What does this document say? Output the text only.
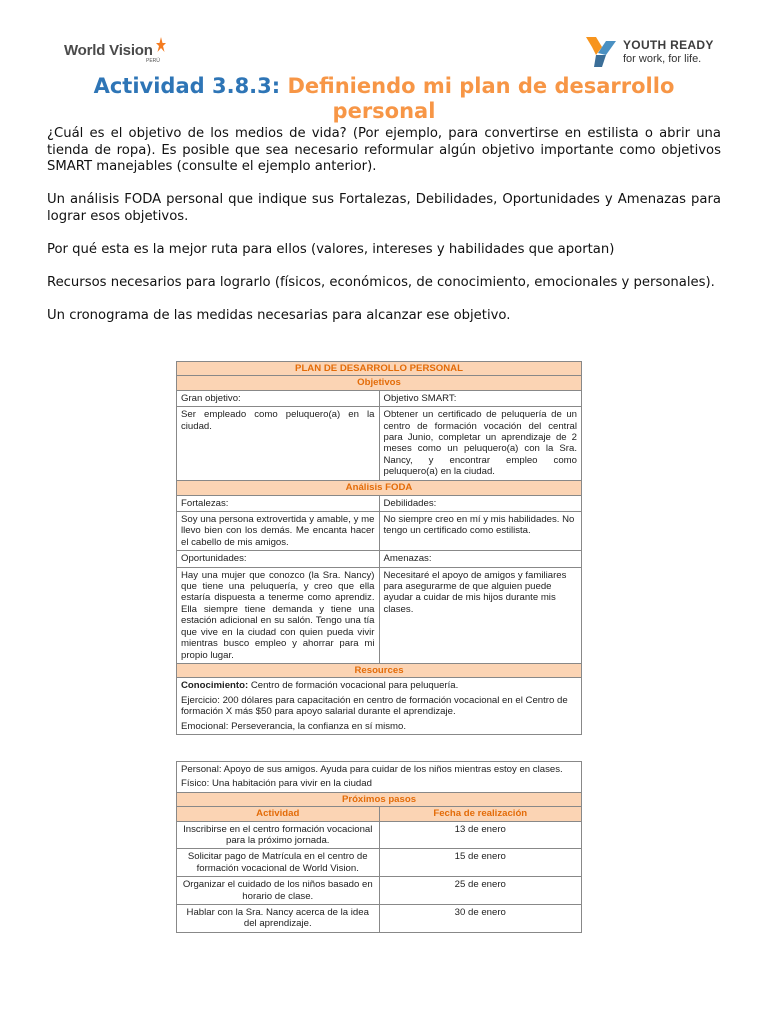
World Vision
PERÚ
YOUTH READY
for work, for life.
Actividad 3.8.3: Definiendo mi plan de desarrollo personal

¿Cuál es el objetivo de los medios de vida? (Por ejemplo, para convertirse en estilista o abrir una tienda de ropa). Es posible que sea necesario reformular algún objetivo importante como objetivos SMART manejables (consulte el ejemplo anterior).

Un análisis FODA personal que indique sus Fortalezas, Debilidades, Oportunidades y Amenazas para lograr esos objetivos.

Por qué esta es la mejor ruta para ellos (valores, intereses y habilidades que aportan)

Recursos necesarios para lograrlo (físicos, económicos, de conocimiento, emocionales y personales).

Un cronograma de las medidas necesarias para alcanzar ese objetivo.

PLAN DE DESARROLLO PERSONAL	
Objetivos	
Gran objetivo:	Objetivo SMART:
Ser empleado como peluquero(a) en la ciudad.	Obtener un certificado de peluquería de un centro de formación vocación del central para Junio, completar un aprendizaje de 2 meses como un peluquero(a) con la Sra. Nancy, y encontrar empleo como peluquero(a) en la ciudad.
Análisis FODA	
Fortalezas:	Debilidades:
Soy una persona extrovertida y amable, y me llevo bien con los demás. Me encanta hacer el cabello de mis amigos.	No siempre creo en mí y mis habilidades. No tengo un certificado como estilista.
Oportunidades:	Amenazas:
Hay una mujer que conozco (la Sra. Nancy) que tiene una peluquería, y creo que ella estaría dispuesta a tenerme como aprendiz. Ella siempre tiene demanda y tiene una estación adicional en su salón. Tengo una tía que vive en la ciudad con quien pueda vivir mientras busco empleo y ahorrar para mi propio lugar.	Necesitaré el apoyo de amigos y familiares para asegurarme de que alguien puede ayudar a cuidar de mis hijos durante mis clases.
Resources	

Conocimiento: Centro de formación vocacional para peluquería.

Ejercicio: 200 dólares para capacitación en centro de formación vocacional en el Centro de formación X más $50 para apoyo salarial durante el aprendizaje.

Emocional: Perseverancia, la confianza en sí mismo.	

Personal: Apoyo de sus amigos. Ayuda para cuidar de los niños mientras estoy en clases.

Físico: Una habitación para vivir en la ciudad	

Próximos pasos	
Actividad	Fecha de realización
Inscribirse en el centro formación vocacional para la próximo jornada.	13 de enero
Solicitar pago de Matrícula en el centro de formación vocacional de World Vision.	15 de enero
Organizar el cuidado de los niños basado en horario de clase.	25 de enero
Hablar con la Sra. Nancy acerca de la idea del aprendizaje.	30 de enero
